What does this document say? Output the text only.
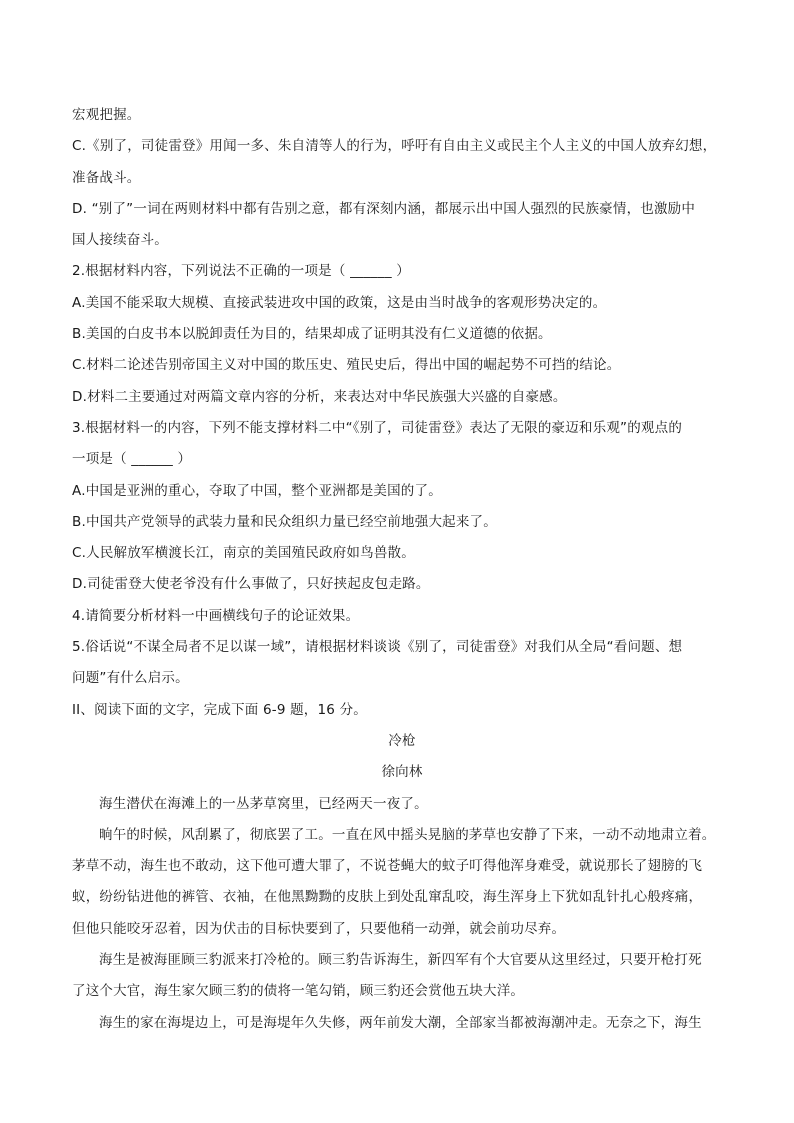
宏观把握。
C.《别了，司徒雷登》用闻一多、朱自清等人的行为，呼吁有自由主义或民主个人主义的中国人放弃幻想，
准备战斗。
D. “别了”一词在两则材料中都有告别之意，都有深刻内涵，都展示出中国人强烈的民族豪情，也激励中
国人接续奋斗。
2.根据材料内容，下列说法不正确的一项是（ ______ ）
A.美国不能采取大规模、直接武装进攻中国的政策，这是由当时战争的客观形势决定的。
B.美国的白皮书本以脱卸责任为目的，结果却成了证明其没有仁义道德的依据。
C.材料二论述告别帝国主义对中国的欺压史、殖民史后，得出中国的崛起势不可挡的结论。
D.材料二主要通过对两篇文章内容的分析，来表达对中华民族强大兴盛的自豪感。
3.根据材料一的内容，下列不能支撑材料二中“《别了，司徒雷登》表达了无限的豪迈和乐观”的观点的
一项是（ ______ ）
A.中国是亚洲的重心，夺取了中国，整个亚洲都是美国的了。
B.中国共产党领导的武装力量和民众组织力量已经空前地强大起来了。
C.人民解放军横渡长江，南京的美国殖民政府如鸟兽散。
D.司徒雷登大使老爷没有什么事做了，只好挟起皮包走路。
4.请简要分析材料一中画横线句子的论证效果。
5.俗话说“不谋全局者不足以谋一域”，请根据材料谈谈《别了，司徒雷登》对我们从全局“看问题、想
问题”有什么启示。
II、阅读下面的文字，完成下面 6-9 题，16 分。
冷枪
徐向林
海生潜伏在海滩上的一丛茅草窝里，已经两天一夜了。
晌午的时候，风刮累了，彻底罢了工。一直在风中摇头晃脑的茅草也安静了下来，一动不动地肃立着。
茅草不动，海生也不敢动，这下他可遭大罪了，不说苍蝇大的蚊子叮得他浑身难受，就说那长了翅膀的飞
蚁，纷纷钻进他的裤管、衣袖，在他黑黝黝的皮肤上到处乱窜乱咬，海生浑身上下犹如乱针扎心般疼痛，
但他只能咬牙忍着，因为伏击的目标快要到了，只要他稍一动弹，就会前功尽弃。
海生是被海匪顾三豹派来打冷枪的。顾三豹告诉海生，新四军有个大官要从这里经过，只要开枪打死
了这个大官，海生家欠顾三豹的债将一笔勾销，顾三豹还会赏他五块大洋。
海生的家在海堤边上，可是海堤年久失修，两年前发大潮，全部家当都被海潮冲走。无奈之下，海生
